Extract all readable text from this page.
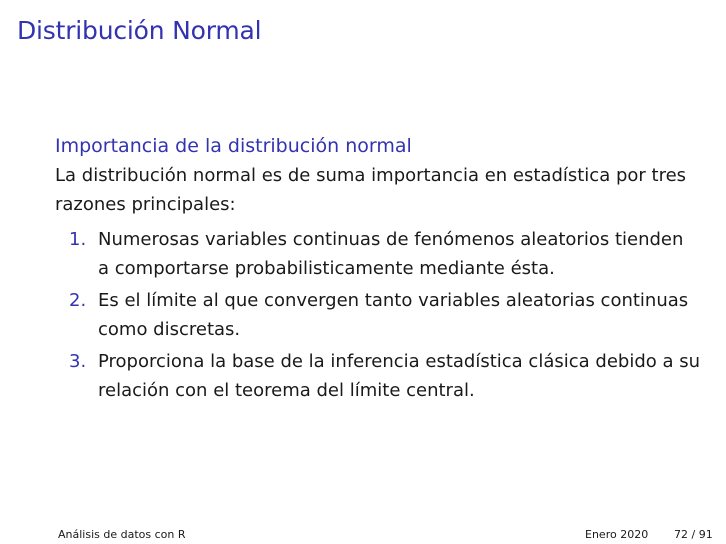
Distribución Normal
Importancia de la distribución normal

La distribución normal es de suma importancia en estadística por tres razones principales:

1. Numerosas variables continuas de fenómenos aleatorios tienden a comportarse probabilisticamente mediante ésta.
2. Es el límite al que convergen tanto variables aleatorias continuas como discretas.
3. Proporciona la base de la inferencia estadística clásica debido a su relación con el teorema del límite central.
Análisis de datos con R	Enero 2020 72 / 91
